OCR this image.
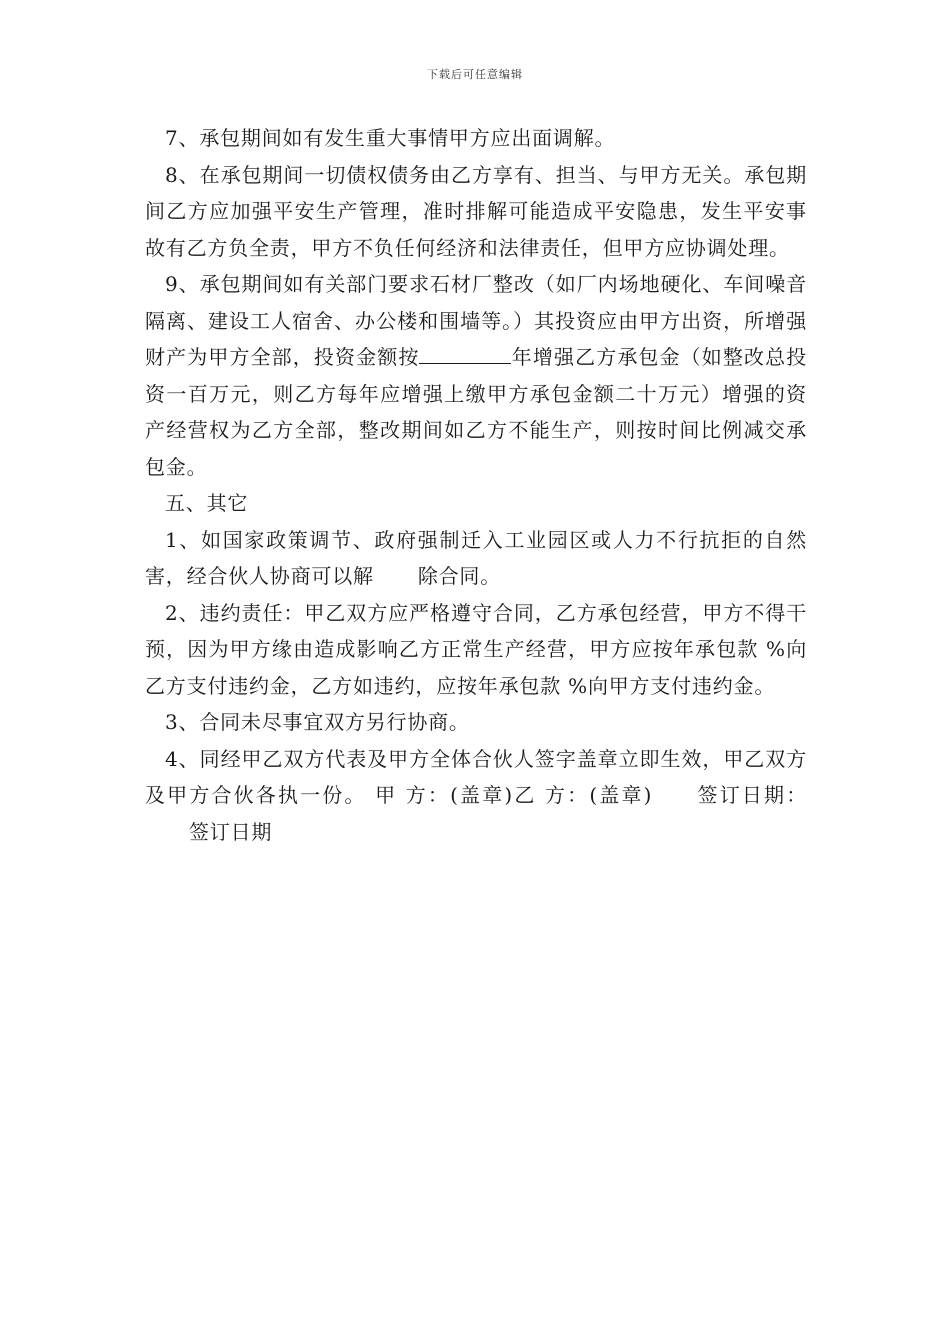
下载后可任意编辑

7、承包期间如有发生重大事情甲方应出面调解。

8、在承包期间一切债权债务由乙方享有、担当、与甲方无关。承包期间乙方应加强平安生产管理，准时排解可能造成平安隐患，发生平安事故有乙方负全责，甲方不负任何经济和法律责任，但甲方应协调处理。

9、承包期间如有关部门要求石材厂整改（如厂内场地硬化、车间噪音隔离、建设工人宿舍、办公楼和围墙等。）其投资应由甲方出资，所增强财产为甲方全部，投资金额按	年增强乙方承包金（如整改总投资一百万元，则乙方每年应增强上缴甲方承包金额二十万元）增强的资产经营权为乙方全部，整改期间如乙方不能生产，则按时间比例减交承包金。

五、其它

1、如国家政策调节、政府强制迁入工业园区或人力不行抗拒的自然害，经合伙人协商可以解 除合同。

2、违约责任：甲乙双方应严格遵守合同，乙方承包经营，甲方不得干预，因为甲方缘由造成影响乙方正常生产经营，甲方应按年承包款 %向乙方支付违约金，乙方如违约，应按年承包款 %向甲方支付违约金。

3、合同未尽事宜双方另行协商。

4、同经甲乙双方代表及甲方全体合伙人签字盖章立即生效，甲乙双方及甲方合伙各执一份。 甲 方：(盖章)乙 方：(盖章) 签订日期：签订日期
